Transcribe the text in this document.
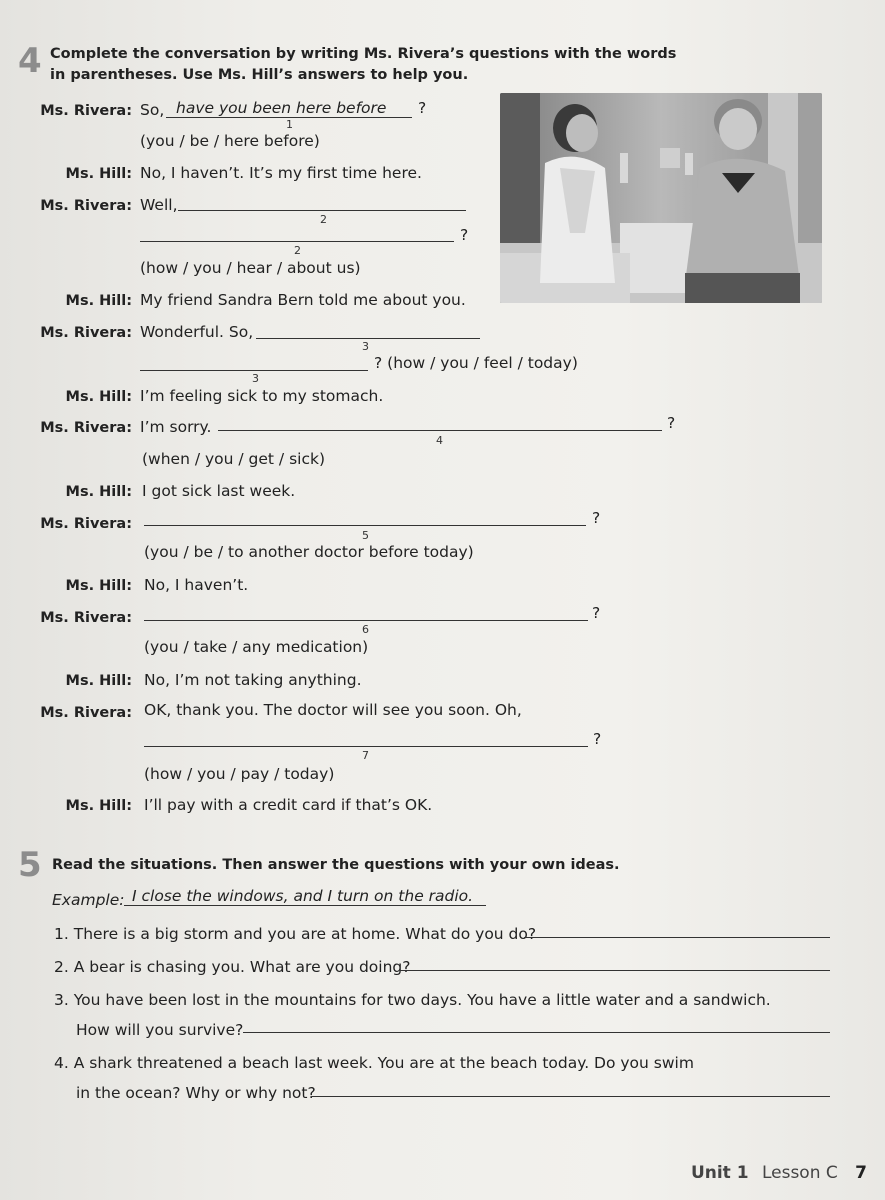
4 Complete the conversation by writing Ms. Rivera’s questions with the words
in parentheses. Use Ms. Hill’s answers to help you.
Ms. Rivera: So, have you been here before ?
1
(you / be / here before)
Ms. Hill: No, I haven’t. It’s my first time here.
Ms. Rivera: Well,
2
?
2
(how / you / hear / about us)
Ms. Hill: My friend Sandra Bern told me about you.
Ms. Rivera: Wonderful. So,
3
? (how / you / feel / today)
3
Ms. Hill: I’m feeling sick to my stomach.
Ms. Rivera: I’m sorry.	?
4
(when / you / get / sick)
Ms. Hill: I got sick last week.
Ms. Rivera:	?
5
(you / be / to another doctor before today)
Ms. Hill: No, I haven’t.
Ms. Rivera:	?
6
(you / take / any medication)
Ms. Hill: No, I’m not taking anything.
Ms. Rivera: OK, thank you. The doctor will see you soon. Oh,
?
7
(how / you / pay / today)
Ms. Hill: I’ll pay with a credit card if that’s OK.
5 Read the situations. Then answer the questions with your own ideas.
Example: I close the windows, and I turn on the radio.
1. There is a big storm and you are at home. What do you do?
2. A bear is chasing you. What are you doing?
3. You have been lost in the mountains for two days. You have a little water and a sandwich.
How will you survive?
4. A shark threatened a beach last week. You are at the beach today. Do you swim
in the ocean? Why or why not?
Unit 1 Lesson C 7
